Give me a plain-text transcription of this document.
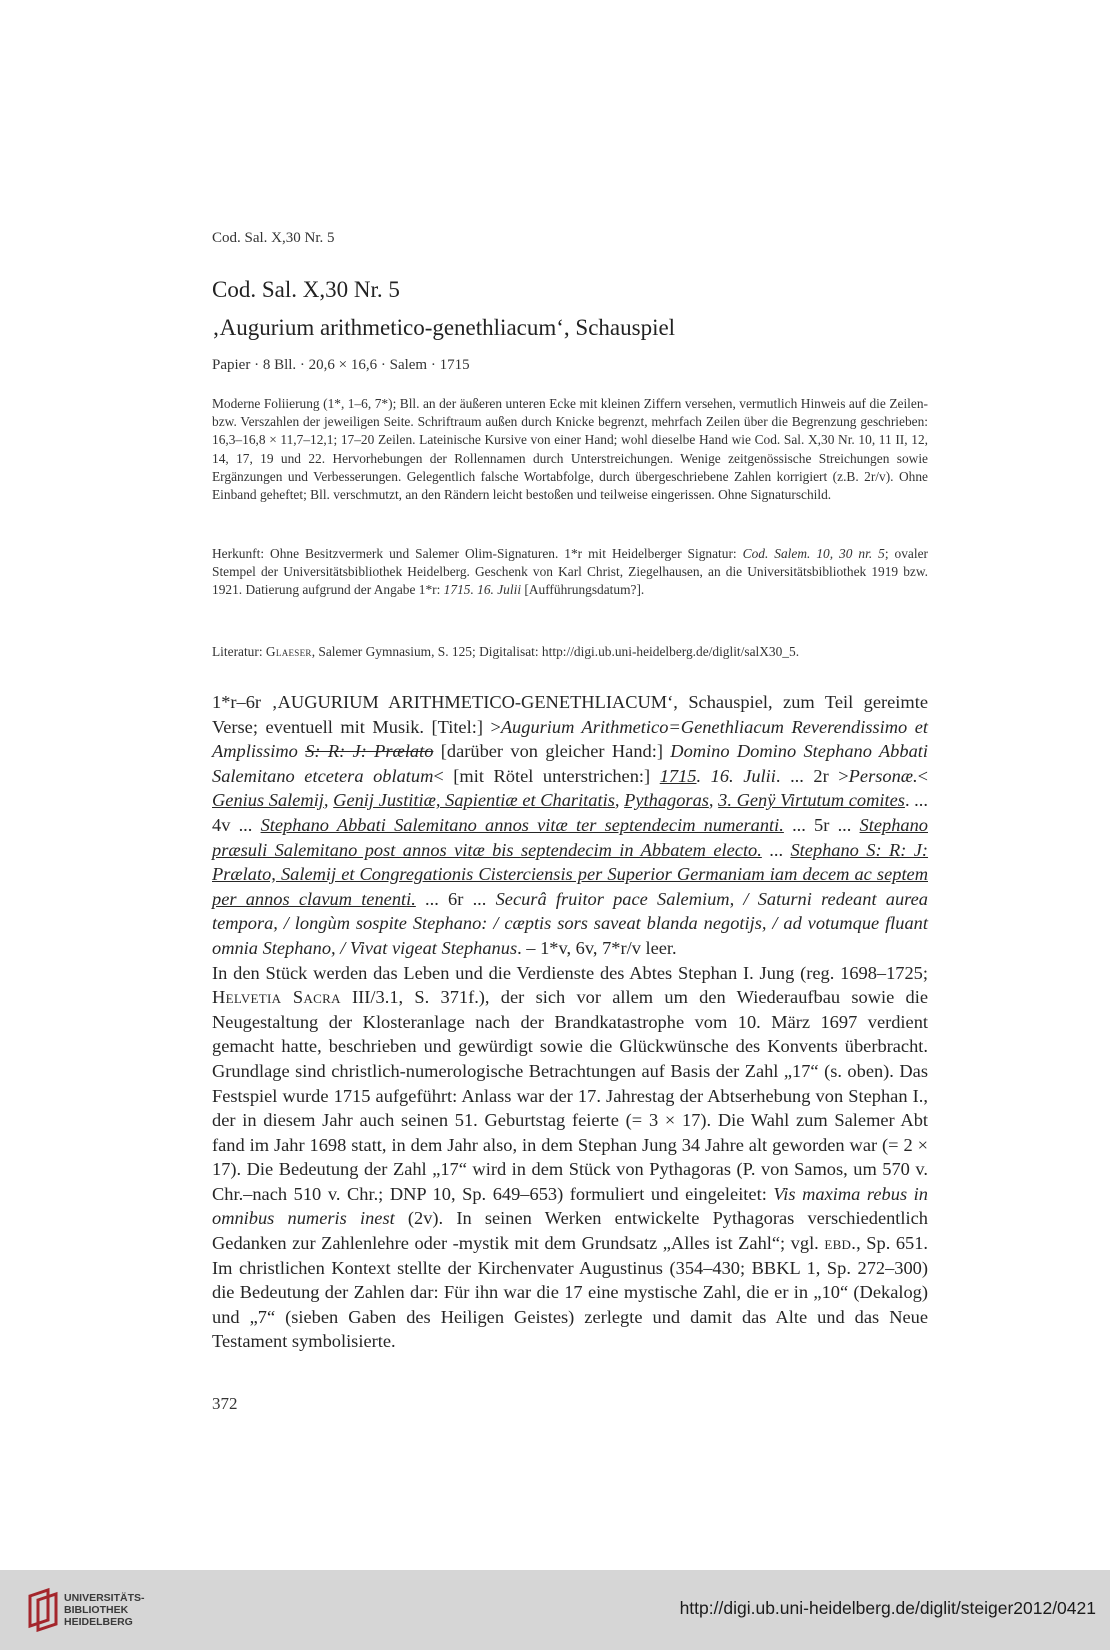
Cod. Sal. X,30 Nr. 5
Cod. Sal. X,30 Nr. 5
‚Augurium arithmetico-genethliacum‘, Schauspiel
Papier · 8 Bll. · 20,6 × 16,6 · Salem · 1715
Moderne Foliierung (1*, 1–6, 7*); Bll. an der äußeren unteren Ecke mit kleinen Ziffern versehen, vermutlich Hinweis auf die Zeilen- bzw. Verszahlen der jeweiligen Seite. Schriftraum außen durch Knicke begrenzt, mehrfach Zeilen über die Begrenzung geschrieben: 16,3–16,8 × 11,7–12,1; 17–20 Zeilen. Lateinische Kursive von einer Hand; wohl dieselbe Hand wie Cod. Sal. X,30 Nr. 10, 11 II, 12, 14, 17, 19 und 22. Hervorhebungen der Rollennamen durch Unterstreichungen. Wenige zeitgenössische Streichungen sowie Ergänzungen und Verbesserungen. Gelegentlich falsche Wortabfolge, durch übergeschriebene Zahlen korrigiert (z.B. 2r/v). Ohne Einband geheftet; Bll. verschmutzt, an den Rändern leicht bestoßen und teilweise eingerissen. Ohne Signaturschild.
Herkunft: Ohne Besitzvermerk und Salemer Olim-Signaturen. 1*r mit Heidelberger Signatur: Cod. Salem. 10, 30 nr. 5; ovaler Stempel der Universitätsbibliothek Heidelberg. Geschenk von Karl Christ, Ziegelhausen, an die Universitätsbibliothek 1919 bzw. 1921. Datierung aufgrund der Angabe 1*r: 1715. 16. Julii [Aufführungsdatum?].
Literatur: Glaeser, Salemer Gymnasium, S. 125; Digitalisat: http://digi.ub.uni-heidelberg.de/diglit/salX30_5.

1*r–6r ‚AUGURIUM ARITHMETICO-GENETHLIACUM‘, Schauspiel, zum Teil gereimte Verse; eventuell mit Musik. [Titel:] >Augurium Arithmetico=Genethliacum Reverendissimo et Amplissimo S: R: J: Prælato [darüber von gleicher Hand:] Domino Domino Stephano Abbati Salemitano etcetera oblatum< [mit Rötel unterstrichen:] 1715. 16. Julii. ... 2r >Personæ.< Genius Salemij, Genij Justitiæ, Sapientiæ et Charitatis, Pythagoras, 3. Genÿ Virtutum comites. ... 4v ... Stephano Abbati Salemitano annos vitæ ter septendecim numeranti. ... 5r ... Stephano præsuli Salemitano post annos vitæ bis septendecim in Abbatem electo. ... Stephano S: R: J: Prælato, Salemij et Congregationis Cisterciensis per Superior Germaniam iam decem ac septem per annos clavum tenenti. ... 6r ... Securâ fruitor pace Salemium, / Saturni redeant aurea tempora, / longùm sospite Stephano: / cæptis sors saveat blanda negotijs, / ad votumque fluant omnia Stephano, / Vivat vigeat Stephanus. – 1*v, 6v, 7*r/v leer.

In den Stück werden das Leben und die Verdienste des Abtes Stephan I. Jung (reg. 1698–1725; Helvetia Sacra III/3.1, S. 371f.), der sich vor allem um den Wiederaufbau sowie die Neugestaltung der Klosteranlage nach der Brandkatastrophe vom 10. März 1697 verdient gemacht hatte, beschrieben und gewürdigt sowie die Glückwünsche des Konvents überbracht. Grundlage sind christlich-numerologische Betrachtungen auf Basis der Zahl „17“ (s. oben). Das Festspiel wurde 1715 aufgeführt: Anlass war der 17. Jahrestag der Abtserhebung von Stephan I., der in diesem Jahr auch seinen 51. Geburtstag feierte (= 3 × 17). Die Wahl zum Salemer Abt fand im Jahr 1698 statt, in dem Jahr also, in dem Stephan Jung 34 Jahre alt geworden war (= 2 × 17). Die Bedeutung der Zahl „17“ wird in dem Stück von Pythagoras (P. von Samos, um 570 v. Chr.–nach 510 v. Chr.; DNP 10, Sp. 649–653) formuliert und eingeleitet: Vis maxima rebus in omnibus numeris inest (2v). In seinen Werken entwickelte Pythagoras verschiedentlich Gedanken zur Zahlenlehre oder -mystik mit dem Grundsatz „Alles ist Zahl“; vgl. ebd., Sp. 651. Im christlichen Kontext stellte der Kirchenvater Augustinus (354–430; BBKL 1, Sp. 272–300) die Bedeutung der Zahlen dar: Für ihn war die 17 eine mystische Zahl, die er in „10“ (Dekalog) und „7“ (sieben Gaben des Heiligen Geistes) zerlegte und damit das Alte und das Neue Testament symbolisierte.

372
UNIVERSITÄTS-
BIBLIOTHEK
HEIDELBERG
http://digi.ub.uni-heidelberg.de/diglit/steiger2012/0421
